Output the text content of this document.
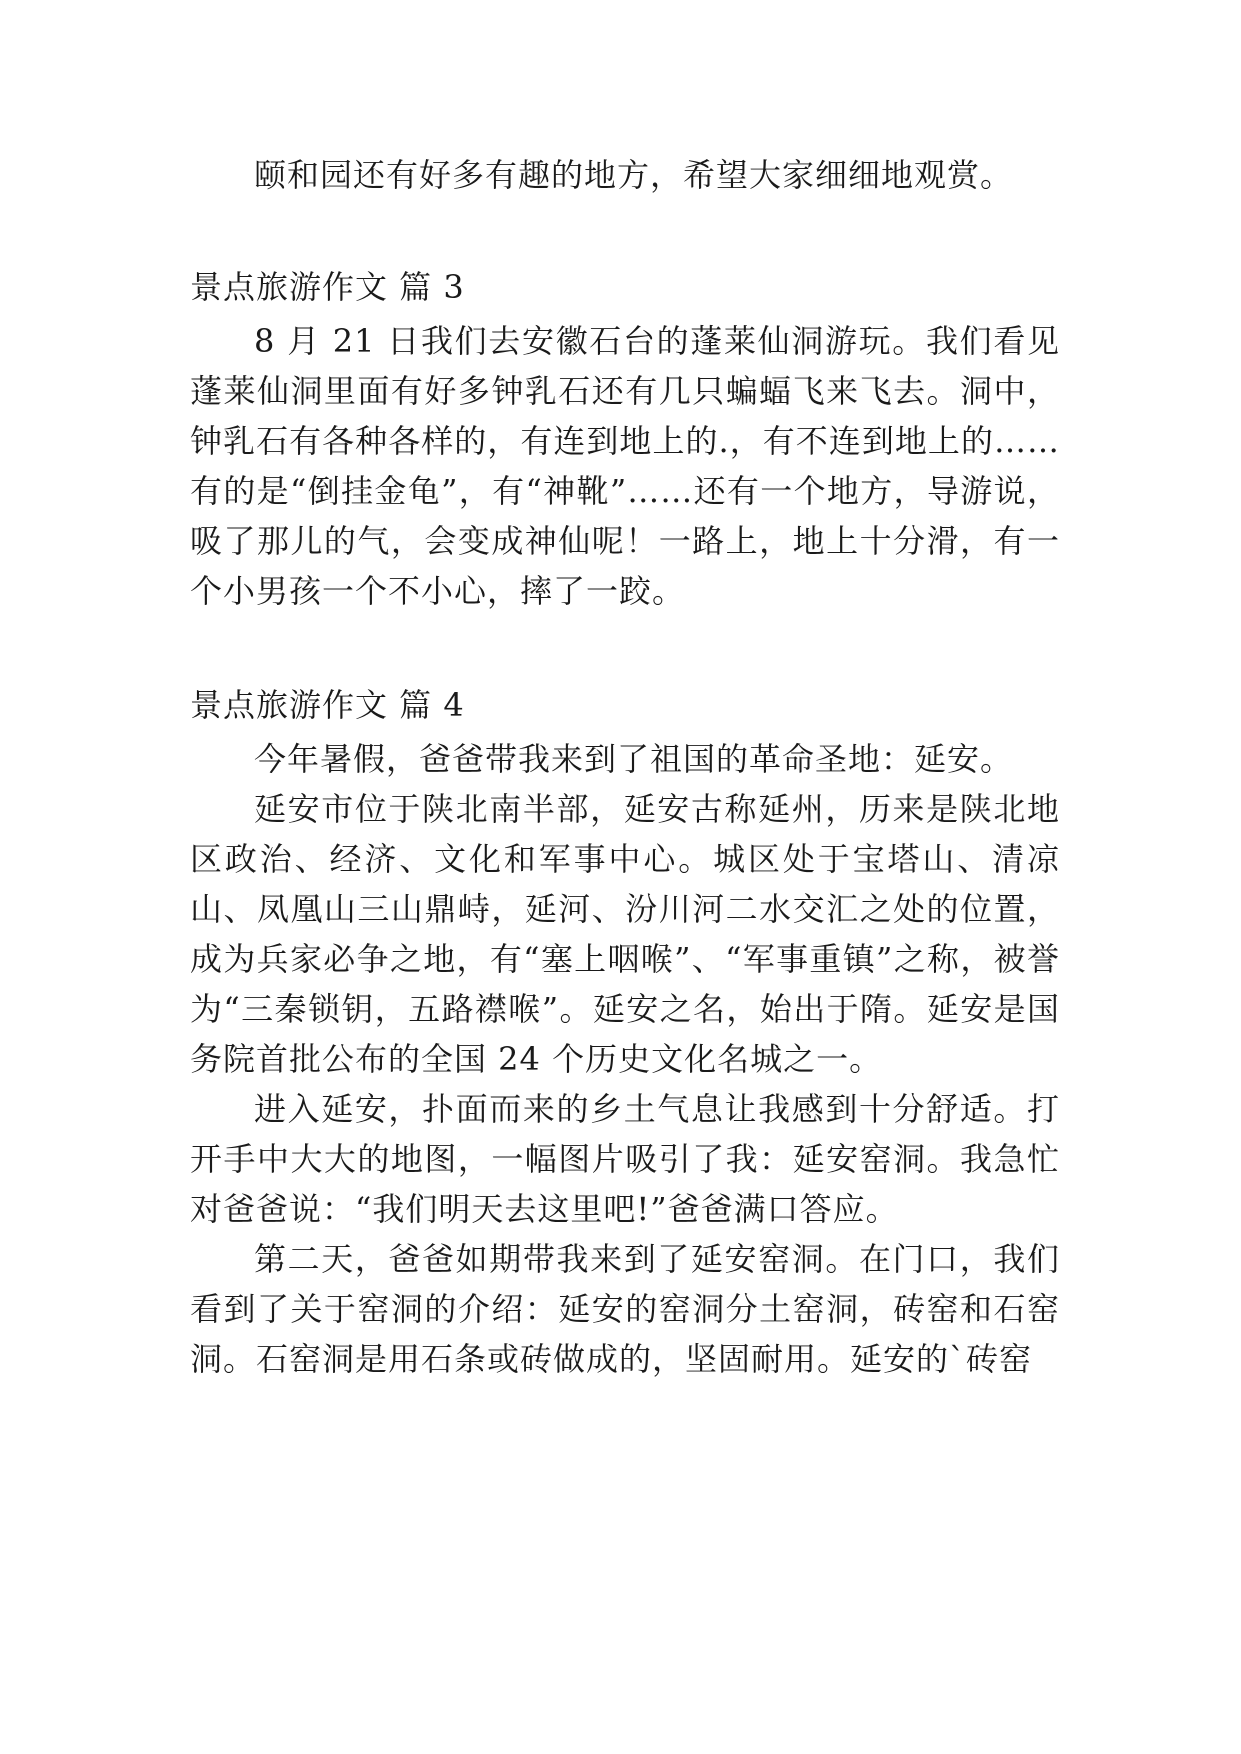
颐和园还有好多有趣的地方，希望大家细细地观赏。

景点旅游作文 篇 3

8 月 21 日我们去安徽石台的蓬莱仙洞游玩。我们看见蓬莱仙洞里面有好多钟乳石还有几只蝙蝠飞来飞去。洞中，钟乳石有各种各样的，有连到地上的.，有不连到地上的……有的是“倒挂金龟”，有“神靴”……还有一个地方，导游说，吸了那儿的气，会变成神仙呢！一路上，地上十分滑，有一个小男孩一个不小心，摔了一跤。

景点旅游作文 篇 4

今年暑假，爸爸带我来到了祖国的革命圣地：延安。

延安市位于陕北南半部，延安古称延州，历来是陕北地区政治、经济、文化和军事中心。城区处于宝塔山、清凉山、凤凰山三山鼎峙，延河、汾川河二水交汇之处的位置，成为兵家必争之地，有“塞上咽喉”、“军事重镇”之称，被誉为“三秦锁钥，五路襟喉”。延安之名，始出于隋。延安是国务院首批公布的全国 24 个历史文化名城之一。

进入延安，扑面而来的乡土气息让我感到十分舒适。打开手中大大的地图，一幅图片吸引了我：延安窑洞。我急忙对爸爸说：“我们明天去这里吧!”爸爸满口答应。

第二天，爸爸如期带我来到了延安窑洞。在门口，我们看到了关于窑洞的介绍：延安的窑洞分土窑洞，砖窑和石窑洞。石窑洞是用石条或砖做成的，坚固耐用。延安的`砖窑
